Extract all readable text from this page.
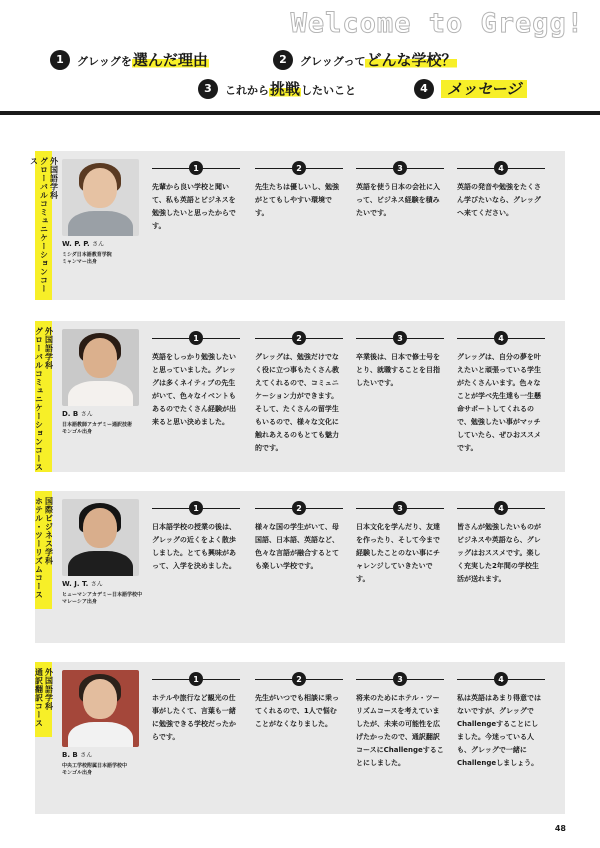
Welcome to Gregg!
1	グレッグを選んだ理由	2	グレッグってどんな学校？
3	これから挑戦したいこと	4	メッセージ
外国語学科
グローバルコミュニケーションコース
W. P. P. さん
ミシダ日本語教育学院
ミャンマー出身
1
先輩から良い学校と聞いて、私も英語とビジネスを勉強したいと思ったからです。
2
先生たちは優しいし、勉強がとてもしやすい環境です。
3
英語を使う日本の会社に入って、ビジネス経験を積みたいです。
4
英語の発音や勉強をたくさん学びたいなら、グレッグへ来てください。
外国語学科
グローバルコミュニケーションコース	D. B さん
日本語教師アカデミー通訳技術
モンゴル出身
1
英語をしっかり勉強したいと思っていました。グレッグは多くネイティブの先生がいて、色々なイベントもあるのでたくさん経験が出来ると思い決めました。
2
グレッグは、勉強だけでなく役に立つ事もたくさん教えてくれるので、コミュニケーション力ができます。そして、たくさんの留学生もいるので、様々な文化に触れあえるのもとても魅力的です。
3
卒業後は、日本で修士号をとり、就職することを目指したいです。
4
グレッグは、自分の夢を叶えたいと頑張っている学生がたくさんいます。色々なことが学べ先生達も一生懸命サポートしてくれるので、勉強したい事がマッチしていたら、ぜひおススメです。
国際ビジネス学科
ホテル・ツーリズムコース	W. J. T. さん
ヒューマンアカデミー日本語学校中
マレーシア出身
1
日本語学校の授業の後は、グレッグの近くをよく散歩しました。とても興味があって、入学を決めました。
2
様々な国の学生がいて、母国語、日本語、英語など、色々な言語が融合するとても楽しい学校です。
3
日本文化を学んだり、友達を作ったり、そして今まで経験したことのない事にチャレンジしていきたいです。
4
皆さんが勉強したいものがビジネスや英語なら、グレッグはおススメです。楽しく充実した2年間の学校生活が送れます。
外国語学科
通訳翻訳コース
B. B さん
中央工学校附属日本語学校中
モンゴル出身
1
ホテルや旅行など観光の仕事がしたくて、言葉も一緒に勉強できる学校だったからです。
2
先生がいつでも相談に乗ってくれるので、1人で悩むことがなくなりました。
3
将来のためにホテル・ツーリズムコースを考えていましたが、未来の可能性を広げたかったので、通訳翻訳コースにChallengeすることにしました。
4
私は英語はあまり得意ではないですが、グレッグでChallengeすることにしました。今迷っている人も、グレッグで一緒にChallengeしましょう。
48
